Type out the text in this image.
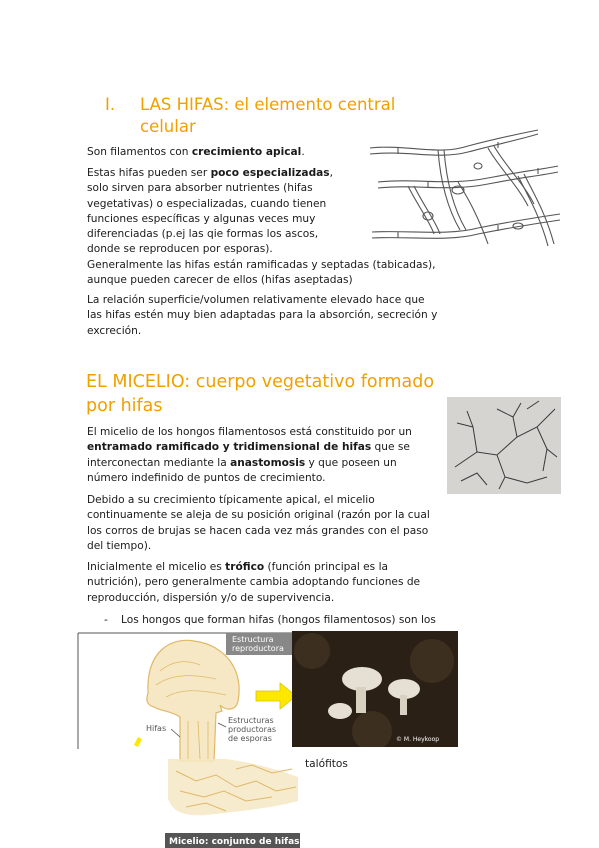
I. LAS HIFAS: el elemento central
celular
Son filamentos con crecimiento apical.
Estas hifas pueden ser poco especializadas,
solo sirven para absorber nutrientes (hifas
vegetativas) o especializadas, cuando tienen
funciones específicas y algunas veces muy
diferenciadas (p.ej las qie formas los ascos,
donde se reproducen por esporas).
Generalmente las hifas están ramificadas y septadas (tabicadas),
aunque pueden carecer de ellos (hifas aseptadas)
La relación superficie/volumen relativamente elevado hace que
las hifas estén muy bien adaptadas para la absorción, secreción y
excreción.
EL MICELIO: cuerpo vegetativo formado
por hifas
El micelio de los hongos filamentosos está constituido por un
entramado ramificado y tridimensional de hifas que se
interconectan mediante la anastomosis y que poseen un
número indefinido de puntos de crecimiento.
Debido a su crecimiento típicamente apical, el micelio
continuamente se aleja de su posición original (razón por la cual
los corros de brujas se hacen cada vez más grandes con el paso
del tiempo).
Inicialmente el micelio es trófico (función principal es la
nutrición), pero generalmente cambia adoptando funciones de
reproducción, dispersión y/o de supervivencia.
- Los hongos que forman hifas (hongos filamentosos) son los
talófitos
Hifas
Estructuras
productoras
de esporas
Estructura
reproductora
Micelio: conjunto de hifas
© M. Heykoop
